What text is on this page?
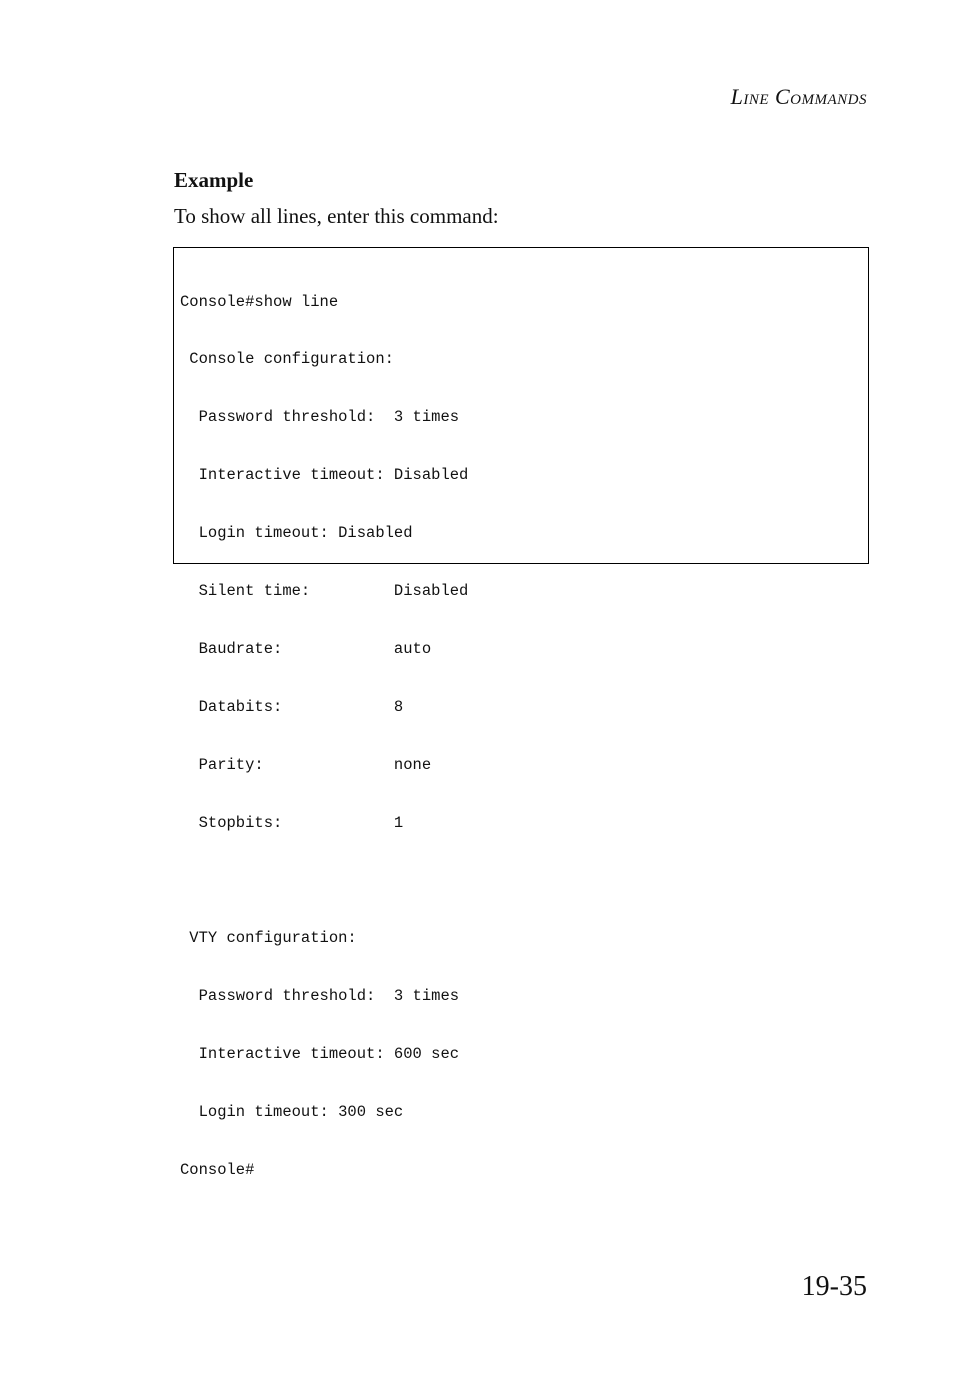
Line Commands
Example
To show all lines, enter this command:

Console#show line

Console configuration:

Password threshold:  3 times

Interactive timeout: Disabled

Login timeout: Disabled

Silent time:         Disabled

Baudrate:            auto

Databits:            8

Parity:              none

Stopbits:            1

VTY configuration:

Password threshold:  3 times

Interactive timeout: 600 sec

Login timeout: 300 sec

Console#

19-35
